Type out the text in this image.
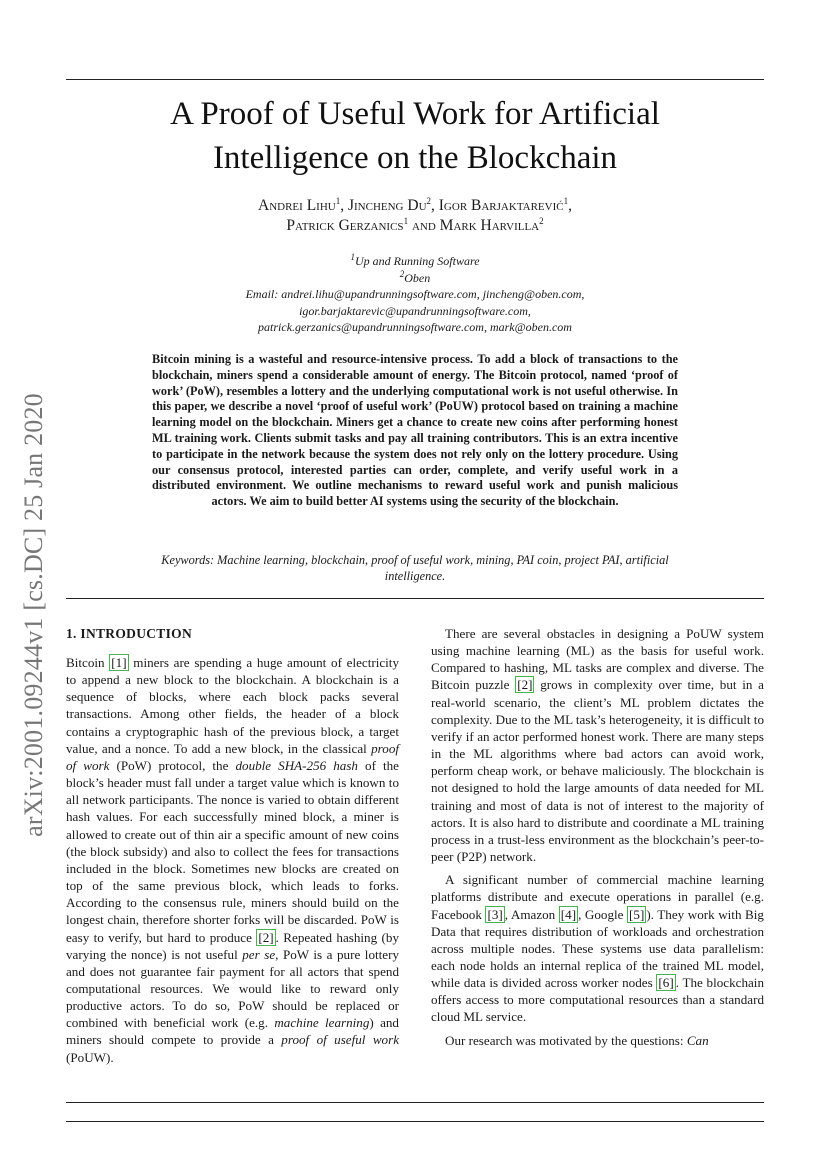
arXiv:2001.09244v1 [cs.DC] 25 Jan 2020
A Proof of Useful Work for Artificial
Intelligence on the Blockchain
Andrei Lihu$^1$, Jincheng Du$^2$, Igor Barjaktarević$^1$,
Patrick Gerzanics$^1$ and Mark Harvilla$^2$
$^1$Up and Running Software
$^2$Oben
Email: andrei.lihu@upandrunningsoftware.com, jincheng@oben.com,
igor.barjaktarevic@upandrunningsoftware.com,
patrick.gerzanics@upandrunningsoftware.com, mark@oben.com
Bitcoin mining is a wasteful and resource-intensive process. To add a block of transactions to the blockchain, miners spend a considerable amount of energy. The Bitcoin protocol, named ‘proof of work’ (PoW), resembles a lottery and the underlying computational work is not useful otherwise. In this paper, we describe a novel ‘proof of useful work’ (PoUW) protocol based on training a machine learning model on the blockchain. Miners get a chance to create new coins after performing honest ML training work. Clients submit tasks and pay all training contributors. This is an extra incentive to participate in the network because the system does not rely only on the lottery procedure. Using our consensus protocol, interested parties can order, complete, and verify useful work in a distributed environment. We outline mechanisms to reward useful work and punish malicious actors. We aim to build better AI systems using the security of the blockchain.
Keywords: Machine learning, blockchain, proof of useful work, mining, PAI coin, project PAI, artificial intelligence.
1. INTRODUCTION

Bitcoin [1] miners are spending a huge amount of electricity to append a new block to the blockchain. A blockchain is a sequence of blocks, where each block packs several transactions. Among other fields, the header of a block contains a cryptographic hash of the previous block, a target value, and a nonce. To add a new block, in the classical proof of work (PoW) protocol, the double SHA-256 hash of the block’s header must fall under a target value which is known to all network participants. The nonce is varied to obtain different hash values. For each successfully mined block, a miner is allowed to create out of thin air a specific amount of new coins (the block subsidy) and also to collect the fees for transactions included in the block. Sometimes new blocks are created on top of the same previous block, which leads to forks. According to the consensus rule, miners should build on the longest chain, therefore shorter forks will be discarded. PoW is easy to verify, but hard to produce [2] . Repeated hashing (by varying the nonce) is not useful per se, PoW is a pure lottery and does not guarantee fair payment for all actors that spend computational resources. We would like to reward only productive actors. To do so, PoW should be replaced or combined with beneficial work (e.g. machine learning) and miners should compete to provide a proof of useful work (PoUW).

There are several obstacles in designing a PoUW system using machine learning (ML) as the basis for useful work. Compared to hashing, ML tasks are complex and diverse. The Bitcoin puzzle [2] grows in complexity over time, but in a real-world scenario, the client’s ML problem dictates the complexity. Due to the ML task’s heterogeneity, it is difficult to verify if an actor performed honest work. There are many steps in the ML algorithms where bad actors can avoid work, perform cheap work, or behave maliciously. The blockchain is not designed to hold the large amounts of data needed for ML training and most of data is not of interest to the majority of actors. It is also hard to distribute and coordinate a ML training process in a trust-less environment as the blockchain’s peer-to-peer (P2P) network.

A significant number of commercial machine learning platforms distribute and execute operations in parallel (e.g. Facebook [3] , Amazon [4] , Google [5] ). They work with Big Data that requires distribution of workloads and orchestration across multiple nodes. These systems use data parallelism: each node holds an internal replica of the trained ML model, while data is divided across worker nodes [6] . The blockchain offers access to more computational resources than a standard cloud ML service.

Our research was motivated by the questions: Can
